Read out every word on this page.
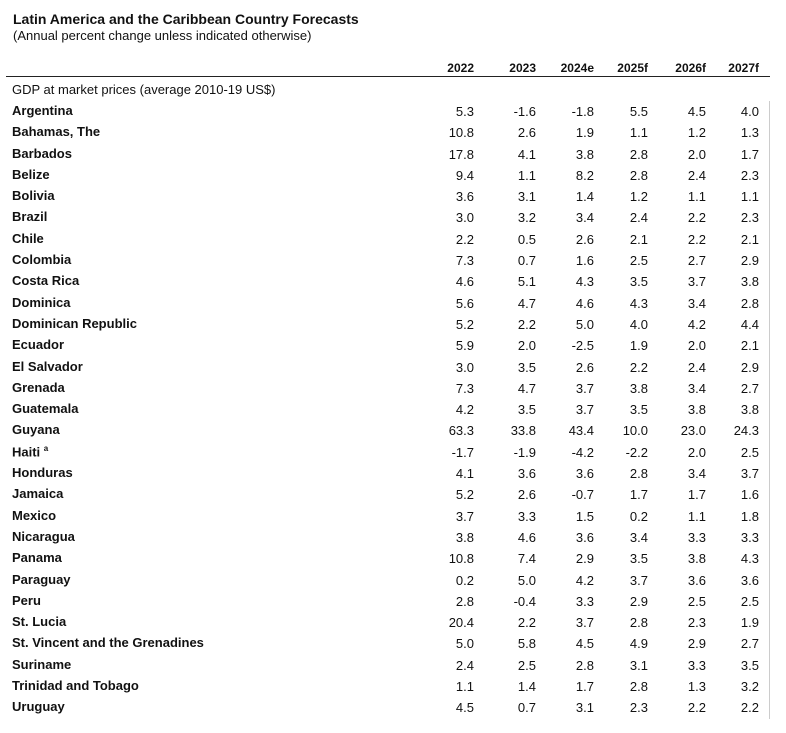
Latin America and the Caribbean Country Forecasts
(Annual percent change unless indicated otherwise)
2022	2023	2024e	2025f	2026f	2027f
GDP at market prices (average 2010-19 US$)
Argentina	5.3	-1.6	-1.8	5.5	4.5	4.0
Bahamas, The	10.8	2.6	1.9	1.1	1.2	1.3
Barbados	17.8	4.1	3.8	2.8	2.0	1.7
Belize	9.4	1.1	8.2	2.8	2.4	2.3
Bolivia	3.6	3.1	1.4	1.2	1.1	1.1
Brazil	3.0	3.2	3.4	2.4	2.2	2.3
Chile	2.2	0.5	2.6	2.1	2.2	2.1
Colombia	7.3	0.7	1.6	2.5	2.7	2.9
Costa Rica	4.6	5.1	4.3	3.5	3.7	3.8
Dominica	5.6	4.7	4.6	4.3	3.4	2.8
Dominican Republic	5.2	2.2	5.0	4.0	4.2	4.4
Ecuador	5.9	2.0	-2.5	1.9	2.0	2.1
El Salvador	3.0	3.5	2.6	2.2	2.4	2.9
Grenada	7.3	4.7	3.7	3.8	3.4	2.7
Guatemala	4.2	3.5	3.7	3.5	3.8	3.8
Guyana	63.3	33.8	43.4	10.0	23.0	24.3
Haiti $^a$	-1.7	-1.9	-4.2	-2.2	2.0	2.5
Honduras	4.1	3.6	3.6	2.8	3.4	3.7
Jamaica	5.2	2.6	-0.7	1.7	1.7	1.6
Mexico	3.7	3.3	1.5	0.2	1.1	1.8
Nicaragua	3.8	4.6	3.6	3.4	3.3	3.3
Panama	10.8	7.4	2.9	3.5	3.8	4.3
Paraguay	0.2	5.0	4.2	3.7	3.6	3.6
Peru	2.8	-0.4	3.3	2.9	2.5	2.5
St. Lucia	20.4	2.2	3.7	2.8	2.3	1.9
St. Vincent and the Grenadines	5.0	5.8	4.5	4.9	2.9	2.7
Suriname	2.4	2.5	2.8	3.1	3.3	3.5
Trinidad and Tobago	1.1	1.4	1.7	2.8	1.3	3.2
Uruguay	4.5	0.7	3.1	2.3	2.2	2.2
